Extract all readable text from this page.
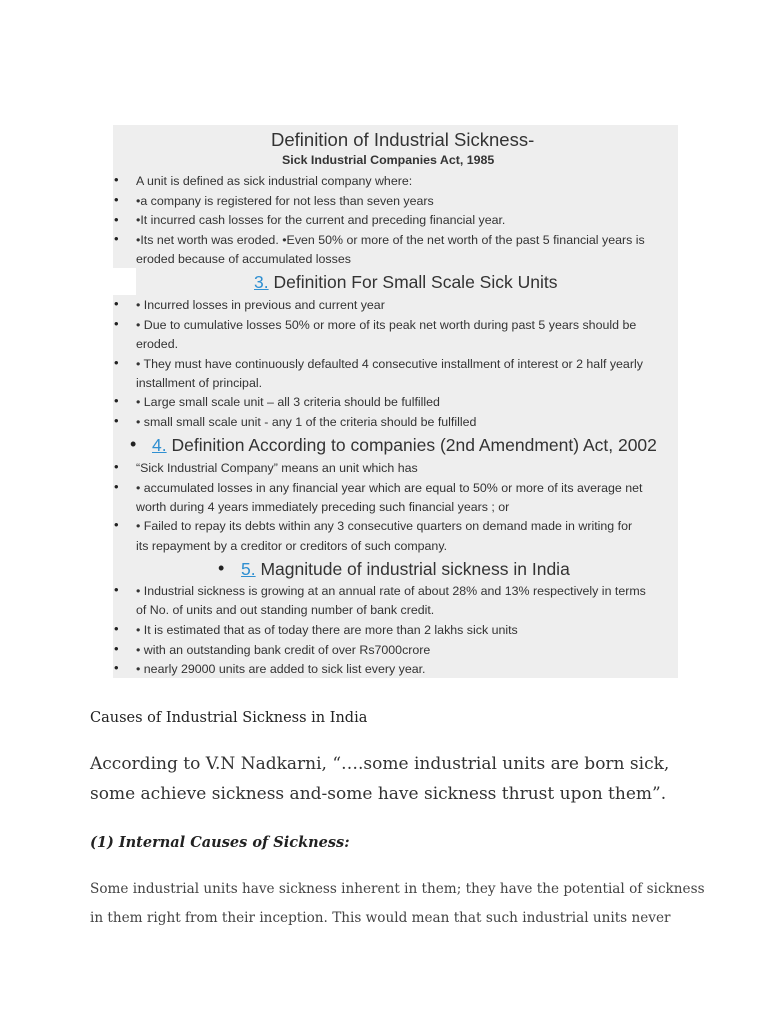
Definition of Industrial Sickness-
Sick Industrial Companies Act, 1985
• A unit is defined as sick industrial company where:
• •a company is registered for not less than seven years
• •It incurred cash losses for the current and preceding financial year.
• •Its net worth was eroded. •Even 50% or more of the net worth of the past 5 financial years is
eroded because of accumulated losses
3. Definition For Small Scale Sick Units
• • Incurred losses in previous and current year
• • Due to cumulative losses 50% or more of its peak net worth during past 5 years should be
eroded.
• • They must have continuously defaulted 4 consecutive installment of interest or 2 half yearly
installment of principal.
• • Large small scale unit – all 3 criteria should be fulfilled
• • small small scale unit - any 1 of the criteria should be fulfilled
• 4. Definition According to companies (2nd Amendment) Act, 2002
• “Sick Industrial Company” means an unit which has
• • accumulated losses in any financial year which are equal to 50% or more of its average net
worth during 4 years immediately preceding such financial years ; or
• • Failed to repay its debts within any 3 consecutive quarters on demand made in writing for
its repayment by a creditor or creditors of such company.
• 5. Magnitude of industrial sickness in India
• • Industrial sickness is growing at an annual rate of about 28% and 13% respectively in terms
of No. of units and out standing number of bank credit.
• • It is estimated that as of today there are more than 2 lakhs sick units
• • with an outstanding bank credit of over Rs7000crore
• • nearly 29000 units are added to sick list every year.
Causes of Industrial Sickness in India
According to V.N Nadkarni, “….some industrial units are born sick,
some achieve sickness and-some have sickness thrust upon them”.
(1) Internal Causes of Sickness:
Some industrial units have sickness inherent in them; they have the potential of sickness
in them right from their inception. This would mean that such industrial units never
